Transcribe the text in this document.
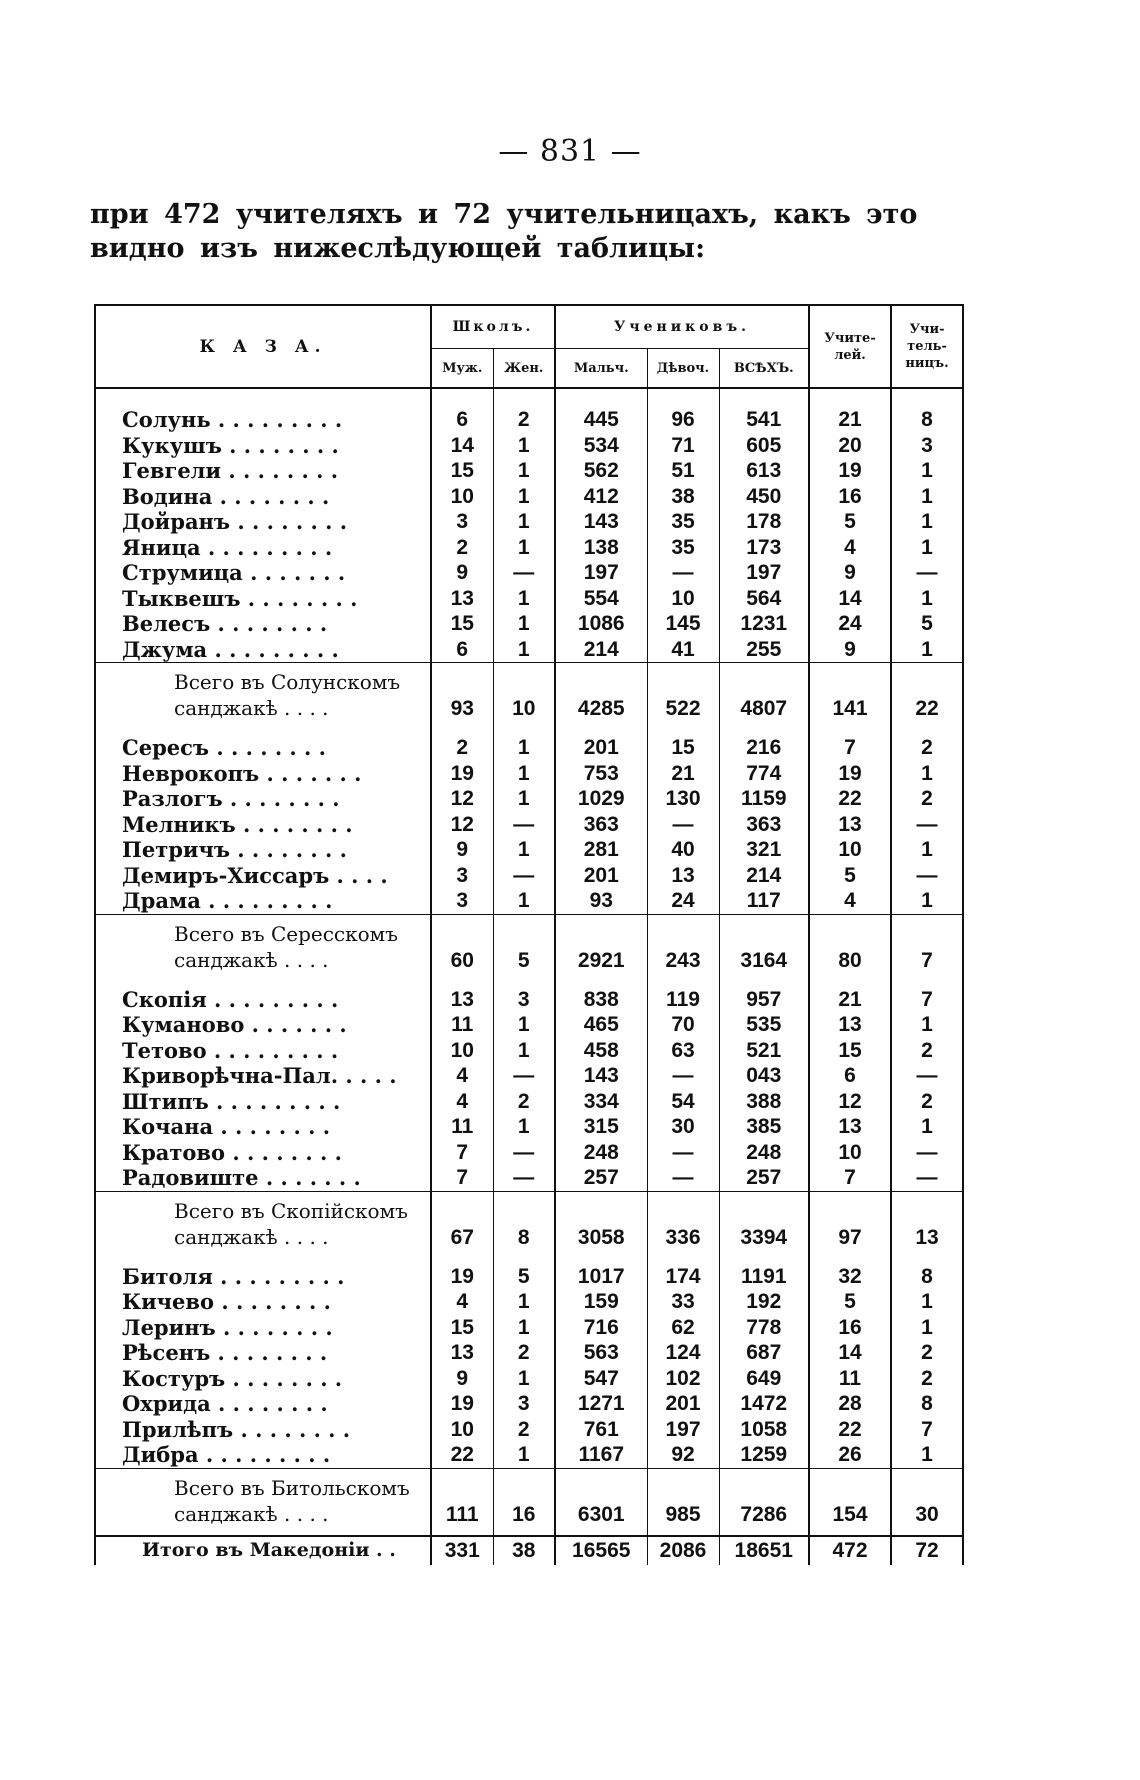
— 831 —
при 472 учителяхъ и 72 учительницахъ, какъ это видно изъ нижеслѣдующей таблицы:
К А З А.	Школъ.		Учениковъ.			Учите-лей.	Учи-тель-ницъ.
	Муж.	Жен.	Мальч.	Дѣвоч.	ВСѢХЪ.		

Солунь . . . . . . . . .	6	2	445	96	541	21	8
Кукушъ . . . . . . . .	14	1	534	71	605	20	3
Гевгели . . . . . . . .	15	1	562	51	613	19	1
Водина . . . . . . . .	10	1	412	38	450	16	1
Дойранъ . . . . . . . .	3	1	143	35	178	5	1
Яница . . . . . . . . .	2	1	138	35	173	4	1
Струмица . . . . . . .	9	—	197	—	197	9	—
Тыквешъ . . . . . . . .	13	1	554	10	564	14	1
Велесъ . . . . . . . .	15	1	1086	145	1231	24	5
Джума . . . . . . . . .	6	1	214	41	255	9	1
Всего въ Солунскомъ санджакѣ . . . .	93	10	4285	522	4807	141	22

Сересъ . . . . . . . .	2	1	201	15	216	7	2
Неврокопъ . . . . . . .	19	1	753	21	774	19	1
Разлогъ . . . . . . . .	12	1	1029	130	1159	22	2
Мелникъ . . . . . . . .	12	—	363	—	363	13	—
Петричъ . . . . . . . .	9	1	281	40	321	10	1
Демиръ-Хиссаръ . . . .	3	—	201	13	214	5	—
Драма . . . . . . . . .	3	1	93	24	117	4	1
Всего въ Сересскомъ санджакѣ . . . .	60	5	2921	243	3164	80	7

Скопія . . . . . . . . .	13	3	838	119	957	21	7
Куманово . . . . . . .	11	1	465	70	535	13	1
Тетово . . . . . . . . .	10	1	458	63	521	15	2
Криворѣчна-Пал. . . . .	4	—	143	—	043	6	—
Штипъ . . . . . . . . .	4	2	334	54	388	12	2
Кочана . . . . . . . .	11	1	315	30	385	13	1
Кратово . . . . . . . .	7	—	248	—	248	10	—
Радовиште . . . . . . .	7	—	257	—	257	7	—
Всего въ Скопійскомъ санджакѣ . . . .	67	8	3058	336	3394	97	13

Битоля . . . . . . . . .	19	5	1017	174	1191	32	8
Кичево . . . . . . . .	4	1	159	33	192	5	1
Леринъ . . . . . . . .	15	1	716	62	778	16	1
Рѣсенъ . . . . . . . .	13	2	563	124	687	14	2
Костуръ . . . . . . . .	9	1	547	102	649	11	2
Охрида . . . . . . . .	19	3	1271	201	1472	28	8
Прилѣпъ . . . . . . . .	10	2	761	197	1058	22	7
Дибра . . . . . . . . .	22	1	1167	92	1259	26	1
Всего въ Битольскомъ санджакѣ . . . .	111	16	6301	985	7286	154	30
Итого въ Македоніи . .	331	38	16565	2086	18651	472	72
